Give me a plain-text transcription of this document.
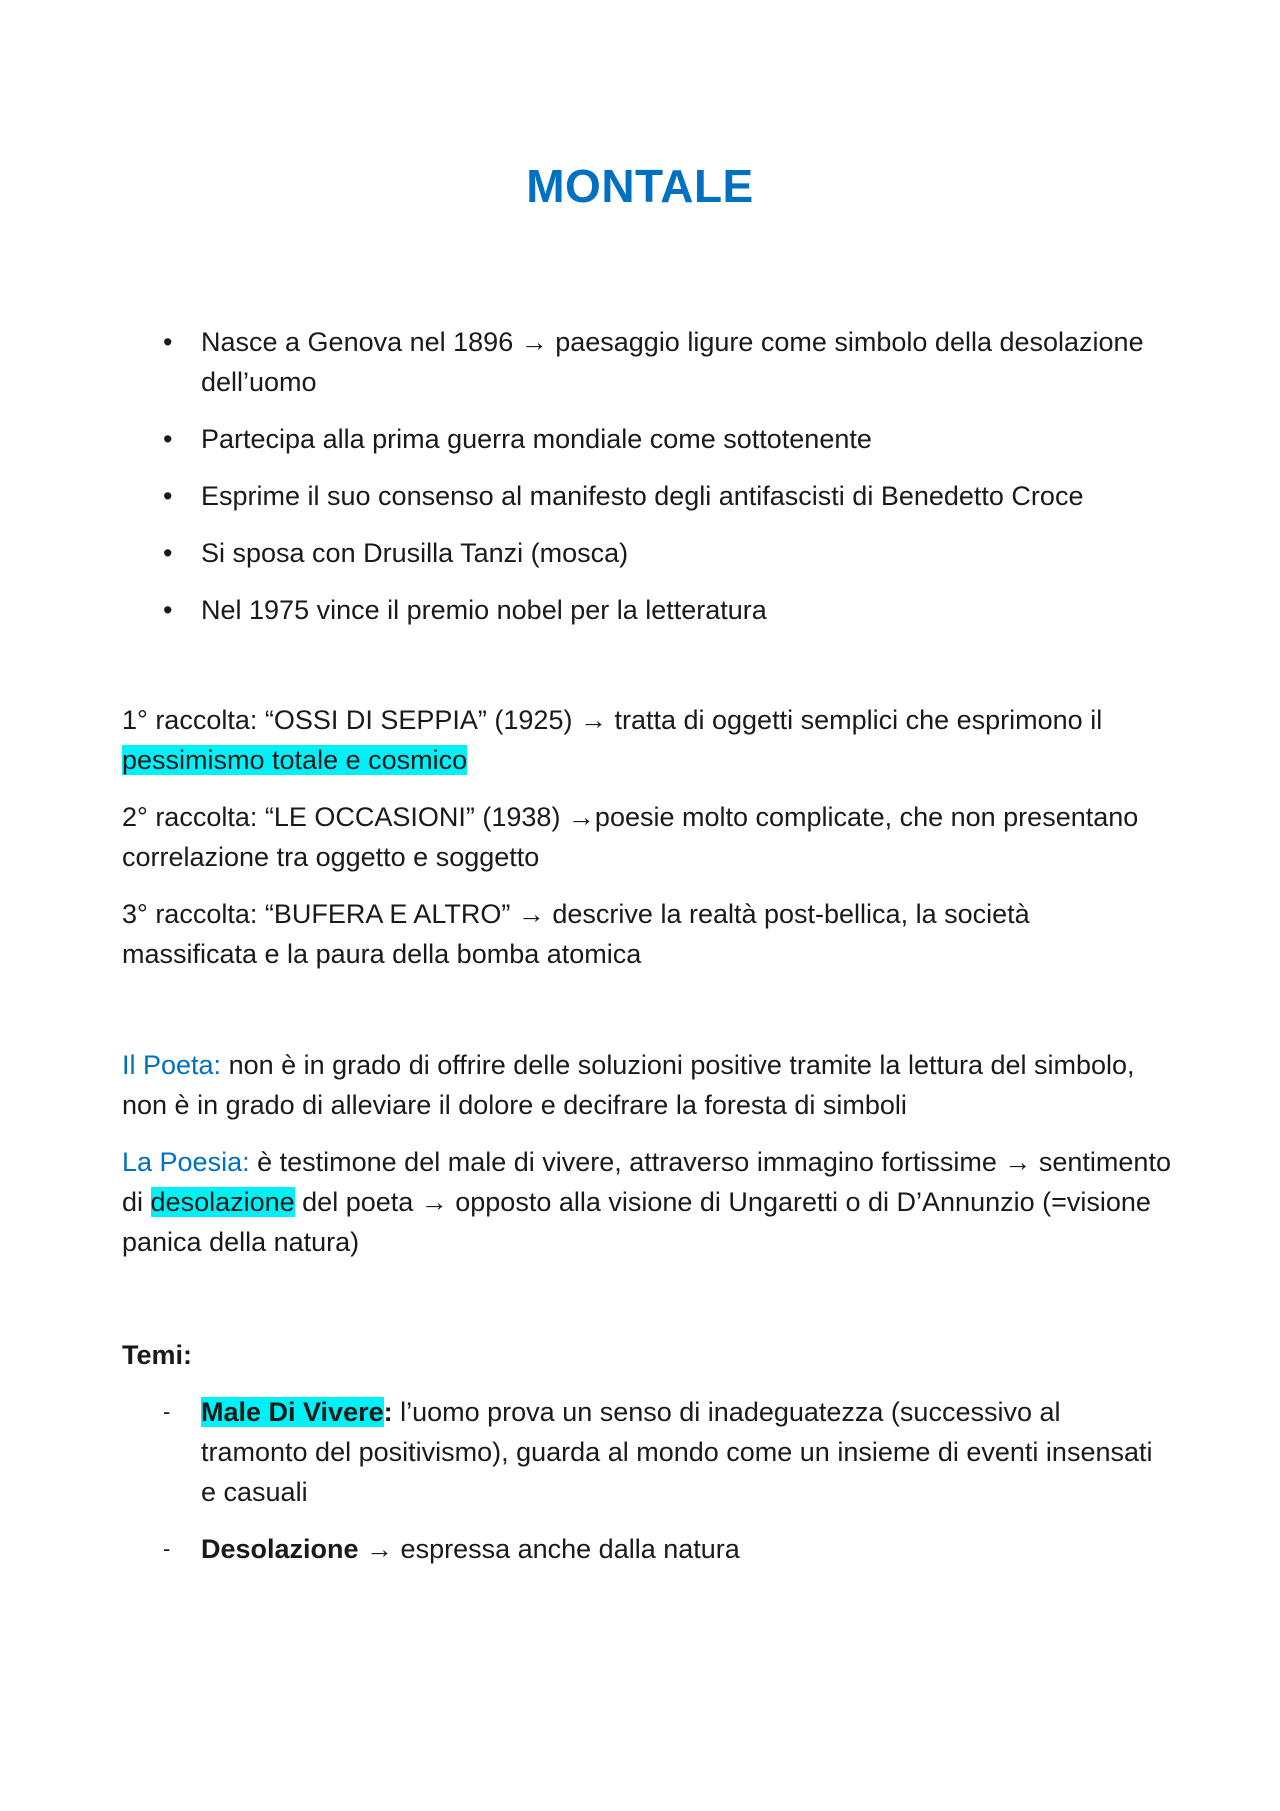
MONTALE
•	Nasce a Genova nel 1896 → paesaggio ligure come simbolo della desolazione dell’uomo
•	Partecipa alla prima guerra mondiale come sottotenente
•	Esprime il suo consenso al manifesto degli antifascisti di Benedetto Croce
•	Si sposa con Drusilla Tanzi (mosca)
•	Nel 1975 vince il premio nobel per la letteratura

1° raccolta: “OSSI DI SEPPIA” (1925) → tratta di oggetti semplici che esprimono il pessimismo totale e cosmico

2° raccolta: “LE OCCASIONI” (1938) →poesie molto complicate, che non presentano correlazione tra oggetto e soggetto

3° raccolta: “BUFERA E ALTRO” → descrive la realtà post-bellica, la società massificata e la paura della bomba atomica

Il Poeta: non è in grado di offrire delle soluzioni positive tramite la lettura del simbolo, non è in grado di alleviare il dolore e decifrare la foresta di simboli

La Poesia: è testimone del male di vivere, attraverso immagino fortissime → sentimento di desolazione del poeta → opposto alla visione di Ungaretti o di D’Annunzio (=visione panica della natura)

Temi:
-	Male Di Vivere: l’uomo prova un senso di inadeguatezza (successivo al tramonto del positivismo), guarda al mondo come un insieme di eventi insensati e casuali
-	Desolazione → espressa anche dalla natura
